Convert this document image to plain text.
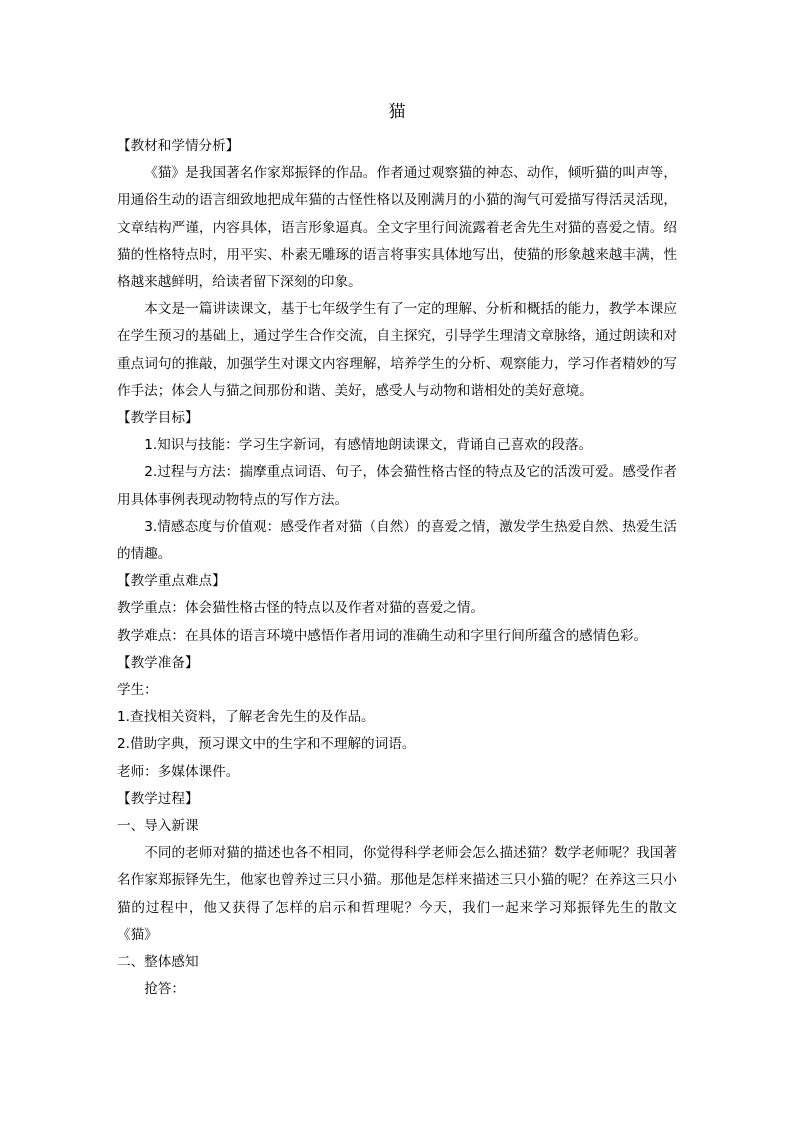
猫

【教材和学情分析】

《猫》是我国著名作家郑振铎的作品。作者通过观察猫的神态、动作，倾听猫的叫声等，用通俗生动的语言细致地把成年猫的古怪性格以及刚满月的小猫的淘气可爱描写得活灵活现，文章结构严谨，内容具体，语言形象逼真。全文字里行间流露着老舍先生对猫的喜爱之情。绍猫的性格特点时，用平实、朴素无雕琢的语言将事实具体地写出，使猫的形象越来越丰满，性格越来越鲜明，给读者留下深刻的印象。

本文是一篇讲读课文，基于七年级学生有了一定的理解、分析和概括的能力，教学本课应在学生预习的基础上，通过学生合作交流，自主探究，引导学生理清文章脉络，通过朗读和对重点词句的推敲，加强学生对课文内容理解，培养学生的分析、观察能力，学习作者精妙的写作手法；体会人与猫之间那份和谐、美好，感受人与动物和谐相处的美好意境。

【教学目标】

1.知识与技能：学习生字新词，有感情地朗读课文，背诵自己喜欢的段落。

2.过程与方法：揣摩重点词语、句子，体会猫性格古怪的特点及它的活泼可爱。感受作者用具体事例表现动物特点的写作方法。

3.情感态度与价值观：感受作者对猫（自然）的喜爱之情，激发学生热爱自然、热爱生活的情趣。

【教学重点难点】

教学重点：体会猫性格古怪的特点以及作者对猫的喜爱之情。

教学难点：在具体的语言环境中感悟作者用词的准确生动和字里行间所蕴含的感情色彩。

【教学准备】

学生：

1.查找相关资料，了解老舍先生的及作品。

2.借助字典，预习课文中的生字和不理解的词语。

老师：多媒体课件。

【教学过程】

一、导入新课

不同的老师对猫的描述也各不相同，你觉得科学老师会怎么描述猫？数学老师呢？我国著名作家郑振铎先生，他家也曾养过三只小猫。那他是怎样来描述三只小猫的呢？在养这三只小猫的过程中，他又获得了怎样的启示和哲理呢？今天，我们一起来学习郑振铎先生的散文《猫》

二、整体感知

抢答：
